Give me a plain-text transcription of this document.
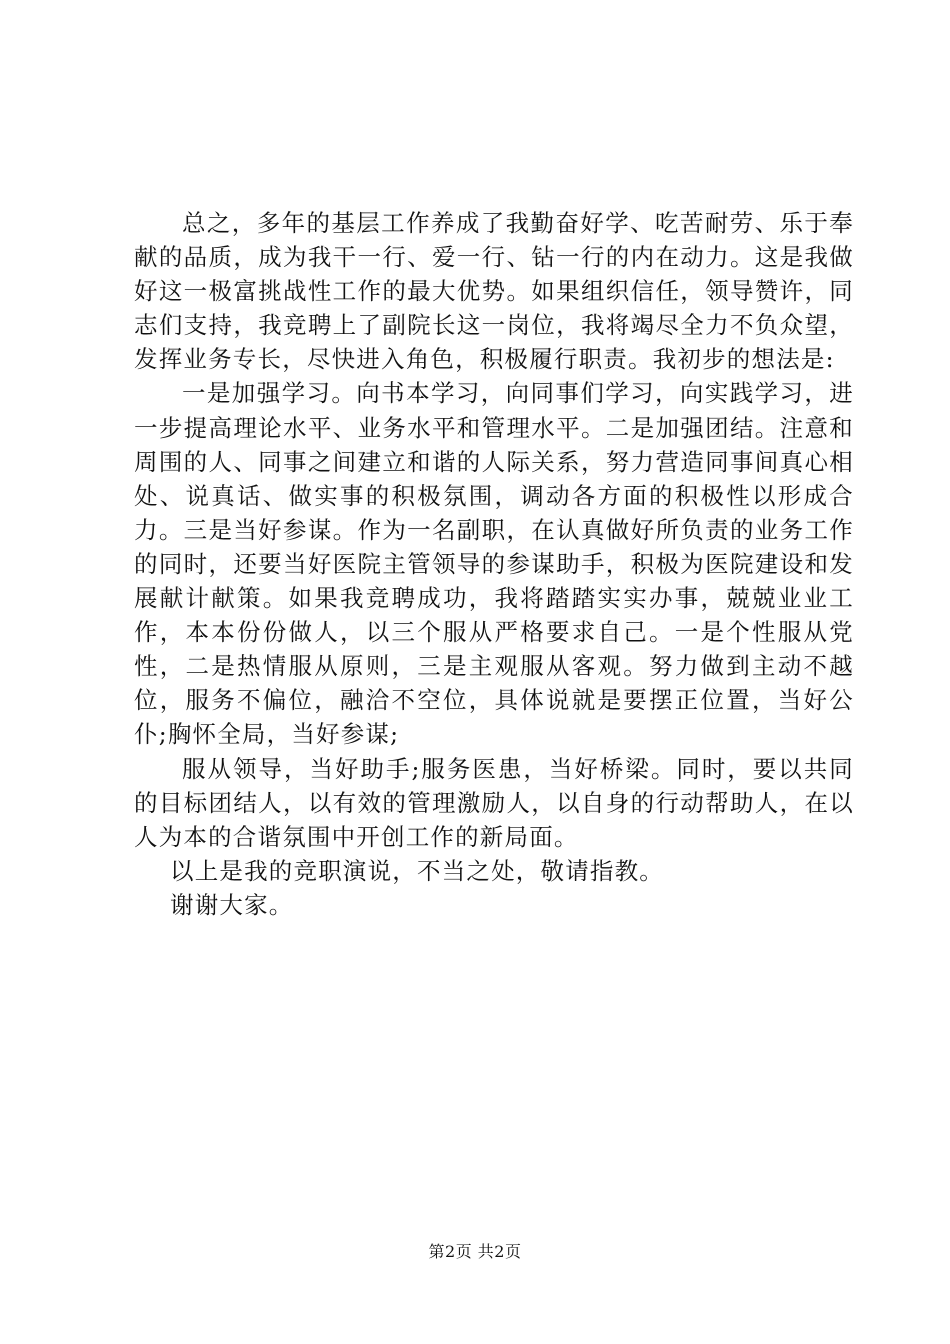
总之，多年的基层工作养成了我勤奋好学、吃苦耐劳、乐于奉献的品质，成为我干一行、爱一行、钻一行的内在动力。这是我做好这一极富挑战性工作的最大优势。如果组织信任，领导赞许，同志们支持，我竞聘上了副院长这一岗位，我将竭尽全力不负众望，发挥业务专长，尽快进入角色，积极履行职责。我初步的想法是:

一是加强学习。向书本学习，向同事们学习，向实践学习，进一步提高理论水平、业务水平和管理水平。二是加强团结。注意和周围的人、同事之间建立和谐的人际关系，努力营造同事间真心相处、说真话、做实事的积极氛围，调动各方面的积极性以形成合力。三是当好参谋。作为一名副职，在认真做好所负责的业务工作的同时，还要当好医院主管领导的参谋助手，积极为医院建设和发展献计献策。如果我竞聘成功，我将踏踏实实办事，兢兢业业工作，本本份份做人，以三个服从严格要求自己。一是个性服从党性，二是热情服从原则，三是主观服从客观。努力做到主动不越位，服务不偏位，融洽不空位，具体说就是要摆正位置，当好公仆;胸怀全局，当好参谋;

服从领导，当好助手;服务医患，当好桥梁。同时，要以共同的目标团结人，以有效的管理激励人，以自身的行动帮助人，在以人为本的合谐氛围中开创工作的新局面。

以上是我的竞职演说，不当之处，敬请指教。

谢谢大家。

第2页 共2页
